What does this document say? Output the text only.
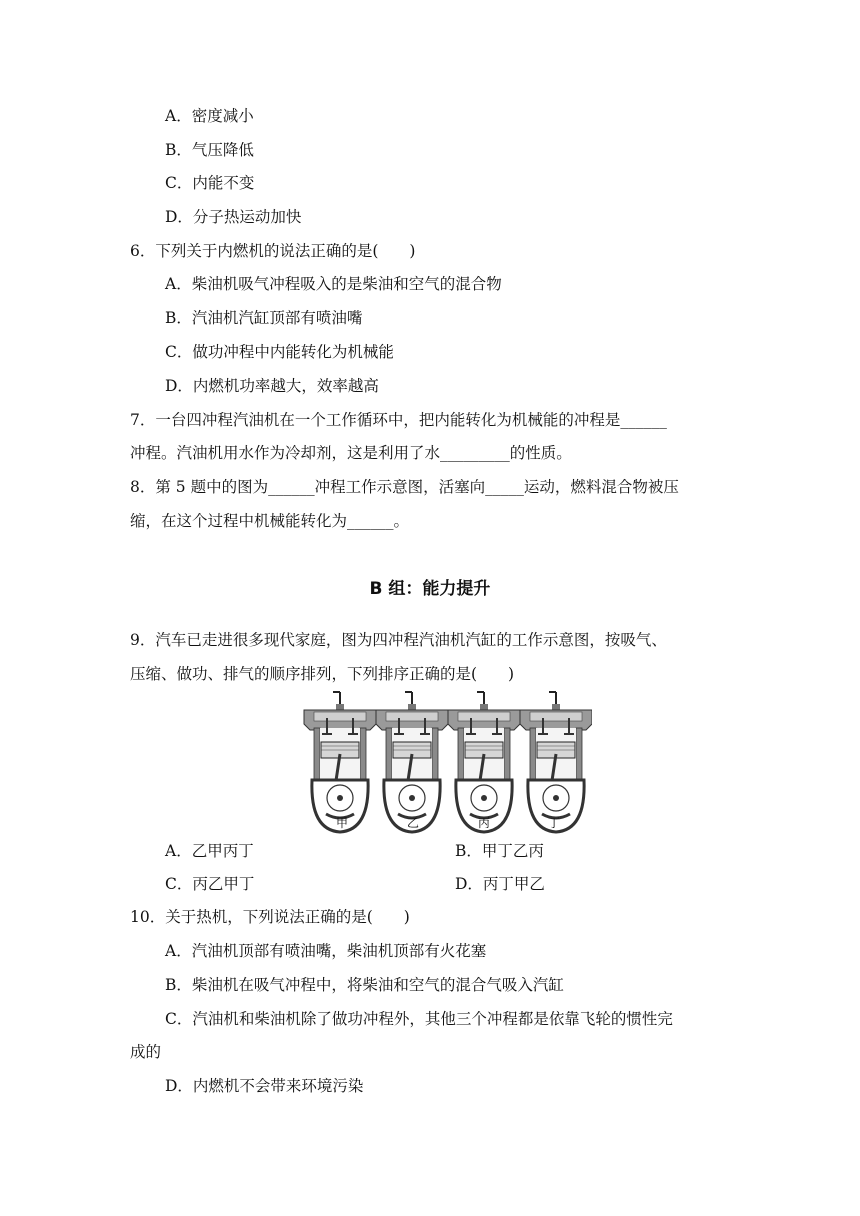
A．密度减小
B．气压降低
C．内能不变
D．分子热运动加快
6．下列关于内燃机的说法正确的是(　　)
A．柴油机吸气冲程吸入的是柴油和空气的混合物
B．汽油机汽缸顶部有喷油嘴
C．做功冲程中内能转化为机械能
D．内燃机功率越大，效率越高
7．一台四冲程汽油机在一个工作循环中，把内能转化为机械能的冲程是______
冲程。汽油机用水作为冷却剂，这是利用了水_________的性质。
8．第 5 题中的图为______冲程工作示意图，活塞向_____运动，燃料混合物被压
缩，在这个过程中机械能转化为______。
B 组：能力提升
9．汽车已走进很多现代家庭，图为四冲程汽油机汽缸的工作示意图，按吸气、
压缩、做功、排气的顺序排列，下列排序正确的是(　　)
甲	乙	丙	丁
A．乙甲丙丁	B．甲丁乙丙
C．丙乙甲丁	D．丙丁甲乙
10．关于热机，下列说法正确的是(　　)
A．汽油机顶部有喷油嘴，柴油机顶部有火花塞
B．柴油机在吸气冲程中，将柴油和空气的混合气吸入汽缸
C．汽油机和柴油机除了做功冲程外，其他三个冲程都是依靠飞轮的惯性完
成的
D．内燃机不会带来环境污染
